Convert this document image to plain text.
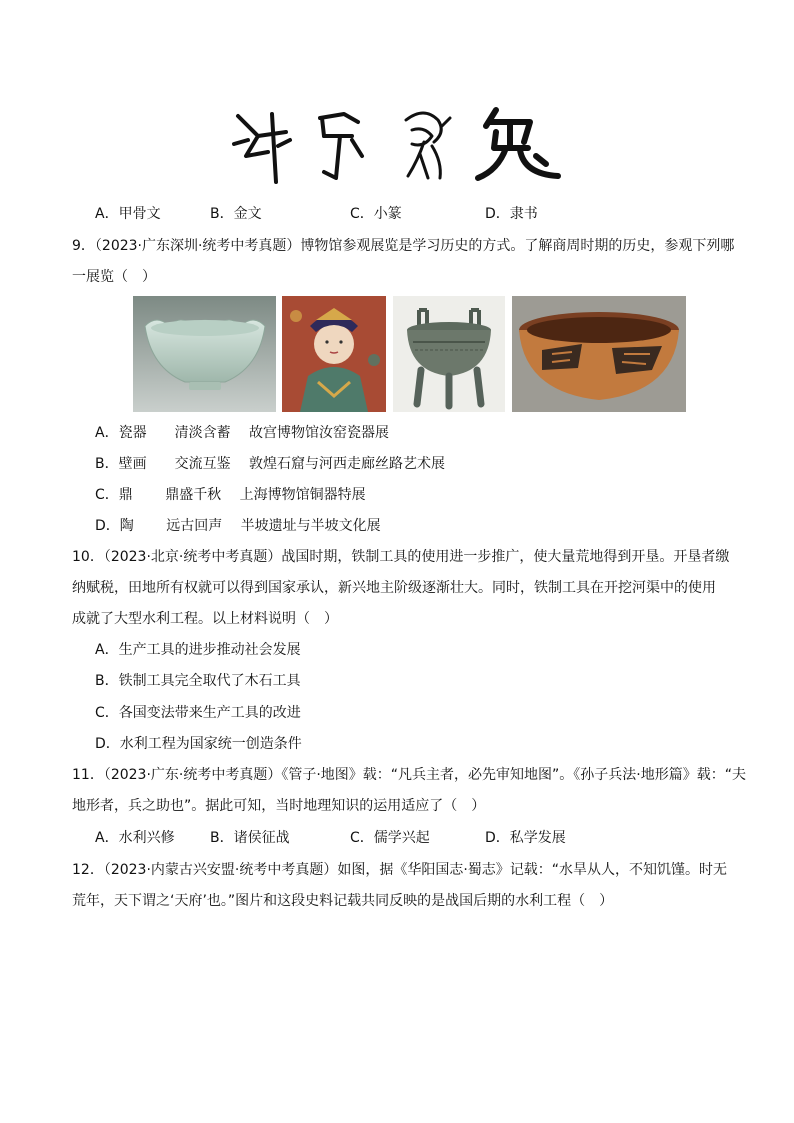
A．甲骨文	B．金文	C．小篆	D．隶书
9．（2023·广东深圳·统考中考真题）博物馆参观展览是学习历史的方式。了解商周时期的历史，参观下列哪
一展览（　）
A．瓷器　　清淡含蓄　 故宫博物馆汝窑瓷器展
B．壁画　　交流互鉴　 敦煌石窟与河西走廊丝路艺术展
C．鼎　　 鼎盛千秋　 上海博物馆铜器特展
D．陶　　 远古回声　 半坡遗址与半坡文化展
10．（2023·北京·统考中考真题）战国时期，铁制工具的使用进一步推广，使大量荒地得到开垦。开垦者缴
纳赋税，田地所有权就可以得到国家承认，新兴地主阶级逐渐壮大。同时，铁制工具在开挖河渠中的使用
成就了大型水利工程。以上材料说明（　）
A．生产工具的进步推动社会发展
B．铁制工具完全取代了木石工具
C．各国变法带来生产工具的改进
D．水利工程为国家统一创造条件
11．（2023·广东·统考中考真题）《管子·地图》载：“凡兵主者，必先审知地图”。《孙子兵法·地形篇》载：“夫
地形者，兵之助也”。据此可知，当时地理知识的运用适应了（　）
A．水利兴修	B．诸侯征战	C．儒学兴起	D．私学发展
12．（2023·内蒙古兴安盟·统考中考真题）如图，据《华阳国志·蜀志》记载：“水旱从人，不知饥馑。时无
荒年，天下谓之‘天府’也。”图片和这段史料记载共同反映的是战国后期的水利工程（　）
